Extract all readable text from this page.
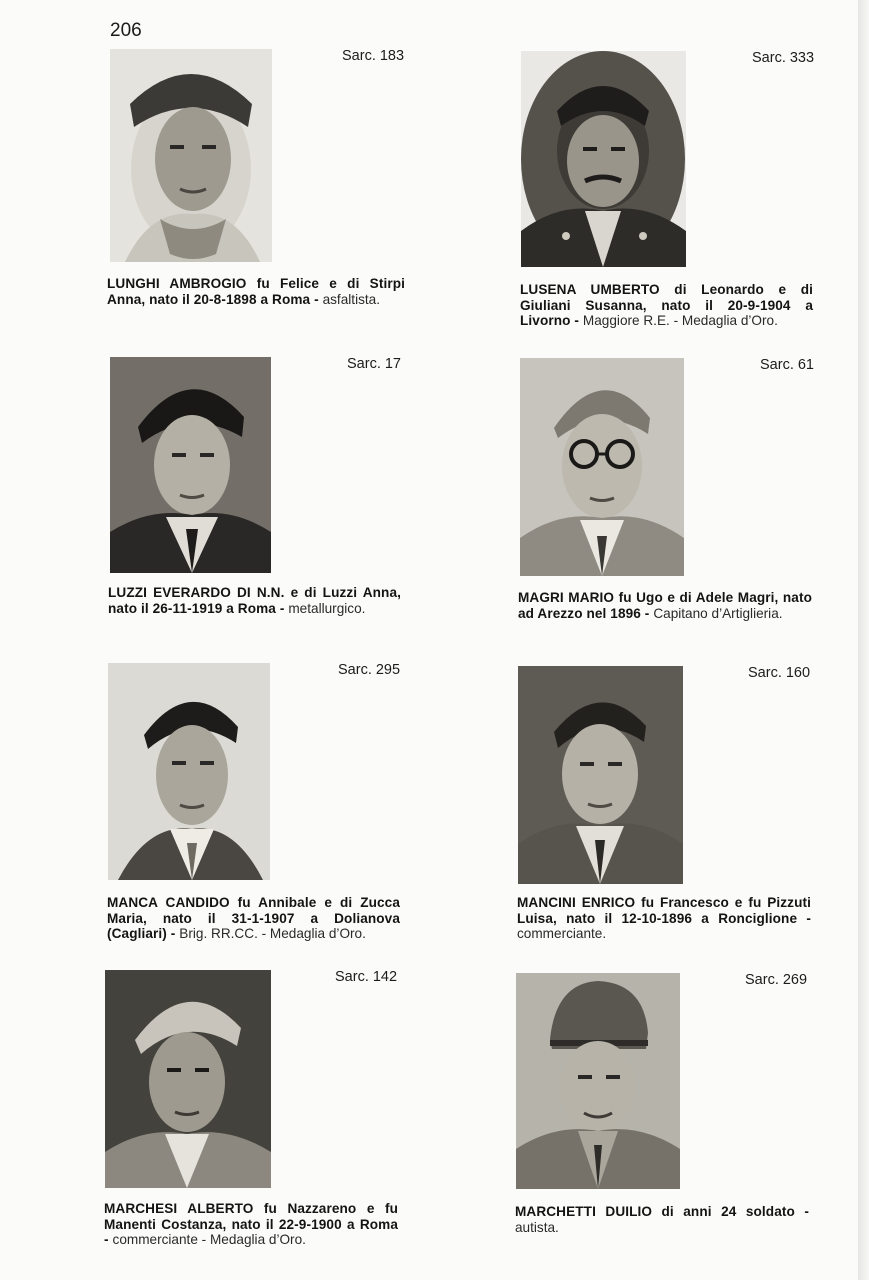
206
Sarc. 183
LUNGHI AMBROGIO fu Felice e di Stirpi Anna, nato il 20-8-1898 a Roma - asfaltista.
Sarc. 333
LUSENA UMBERTO di Leonardo e di Giuliani Susanna, nato il 20-9-1904 a Livorno - Maggiore R.E. - Medaglia d’Oro.
Sarc. 17
LUZZI EVERARDO DI N.N. e di Luzzi Anna, nato il 26-11-1919 a Roma - metallurgico.
Sarc. 61
MAGRI MARIO fu Ugo e di Adele Magri, nato ad Arezzo nel 1896 - Capitano d’Artiglieria.
Sarc. 295
MANCA CANDIDO fu Annibale e di Zucca Maria, nato il 31-1-1907 a Dolianova (Cagliari) - Brig. RR.CC. - Medaglia d’Oro.
Sarc. 160
MANCINI ENRICO fu Francesco e fu Pizzuti Luisa, nato il 12-10-1896 a Ronciglione - commerciante.
Sarc. 142
MARCHESI ALBERTO fu Nazzareno e fu Manenti Costanza, nato il 22-9-1900 a Roma - commerciante - Medaglia d’Oro.
Sarc. 269
MARCHETTI DUILIO di anni 24 soldato - autista.
